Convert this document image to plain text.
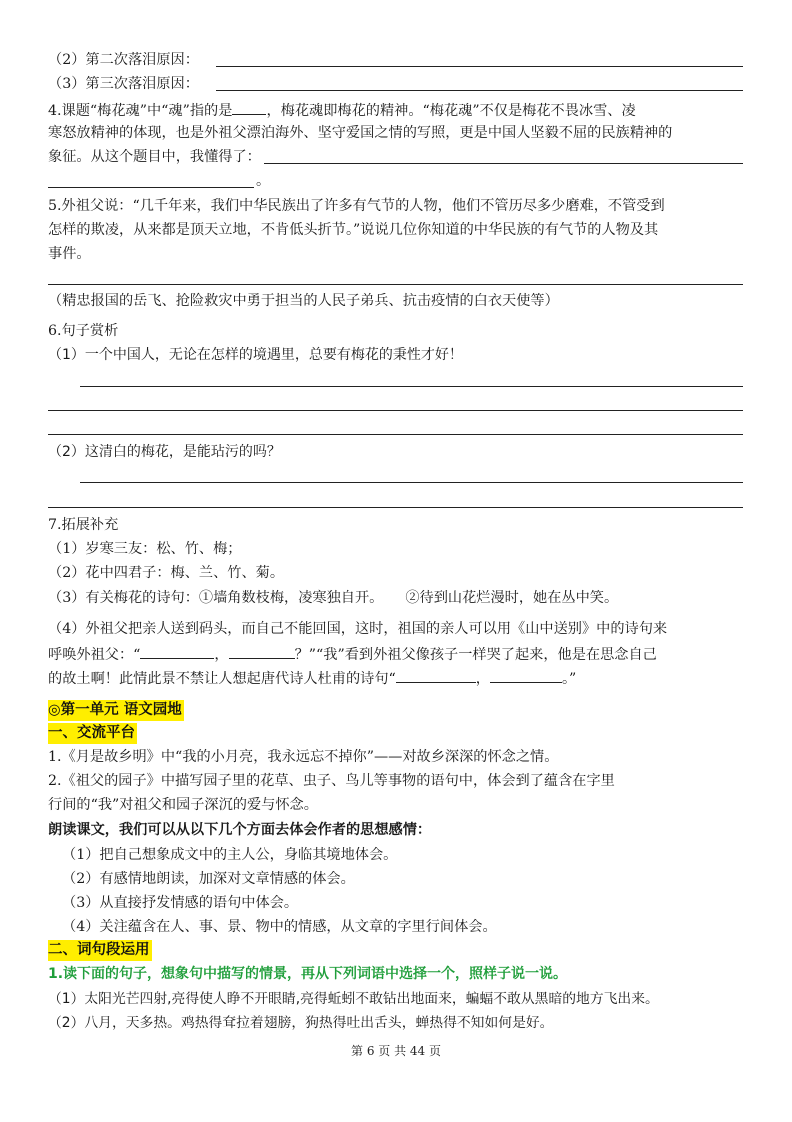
（2）第二次落泪原因：
（3）第三次落泪原因：
4.课题“梅花魂”中“魂”指的是 ，梅花魂即梅花的精神。“梅花魂”不仅是梅花不畏冰雪、凌
寒怒放精神的体现，也是外祖父漂泊海外、坚守爱国之情的写照，更是中国人坚毅不屈的民族精神的
象征。从这个题目中，我懂得了：
。
5.外祖父说：“几千年来，我们中华民族出了许多有气节的人物，他们不管历尽多少磨难，不管受到
怎样的欺凌，从来都是顶天立地，不肯低头折节。”说说几位你知道的中华民族的有气节的人物及其
事件。
（精忠报国的岳飞、抢险救灾中勇于担当的人民子弟兵、抗击疫情的白衣天使等）
6.句子赏析
（1）一个中国人，无论在怎样的境遇里，总要有梅花的秉性才好！
（2）这清白的梅花，是能玷污的吗？
7.拓展补充
（1）岁寒三友：松、竹、梅；
（2）花中四君子：梅、兰、竹、菊。
（3）有关梅花的诗句：①墙角数枝梅，凌寒独自开。 ②待到山花烂漫时，她在丛中笑。
（4）外祖父把亲人送到码头，而自己不能回国，这时，祖国的亲人可以用《山中送别》中的诗句来
呼唤外祖父：“	，	？”“我”看到外祖父像孩子一样哭了起来，他是在思念自己
的故土啊！此情此景不禁让人想起唐代诗人杜甫的诗句“	，	。”
◎第一单元 语文园地
一、交流平台
1.《月是故乡明》中“我的小月亮，我永远忘不掉你”——对故乡深深的怀念之情。
2.《祖父的园子》中描写园子里的花草、虫子、鸟儿等事物的语句中，体会到了蕴含在字里
行间的“我”对祖父和园子深沉的爱与怀念。
朗读课文，我们可以从以下几个方面去体会作者的思想感情：
（1）把自己想象成文中的主人公，身临其境地体会。
（2）有感情地朗读，加深对文章情感的体会。
（3）从直接抒发情感的语句中体会。
（4）关注蕴含在人、事、景、物中的情感，从文章的字里行间体会。
二、词句段运用
1.读下面的句子，想象句中描写的情景，再从下列词语中选择一个，照样子说一说。
（1）太阳光芒四射,亮得使人睁不开眼睛,亮得蚯蚓不敢钻出地面来，蝙蝠不敢从黑暗的地方飞出来。
（2）八月，天多热。鸡热得耷拉着翅膀，狗热得吐出舌头，蝉热得不知如何是好。
第 6 页 共 44 页
